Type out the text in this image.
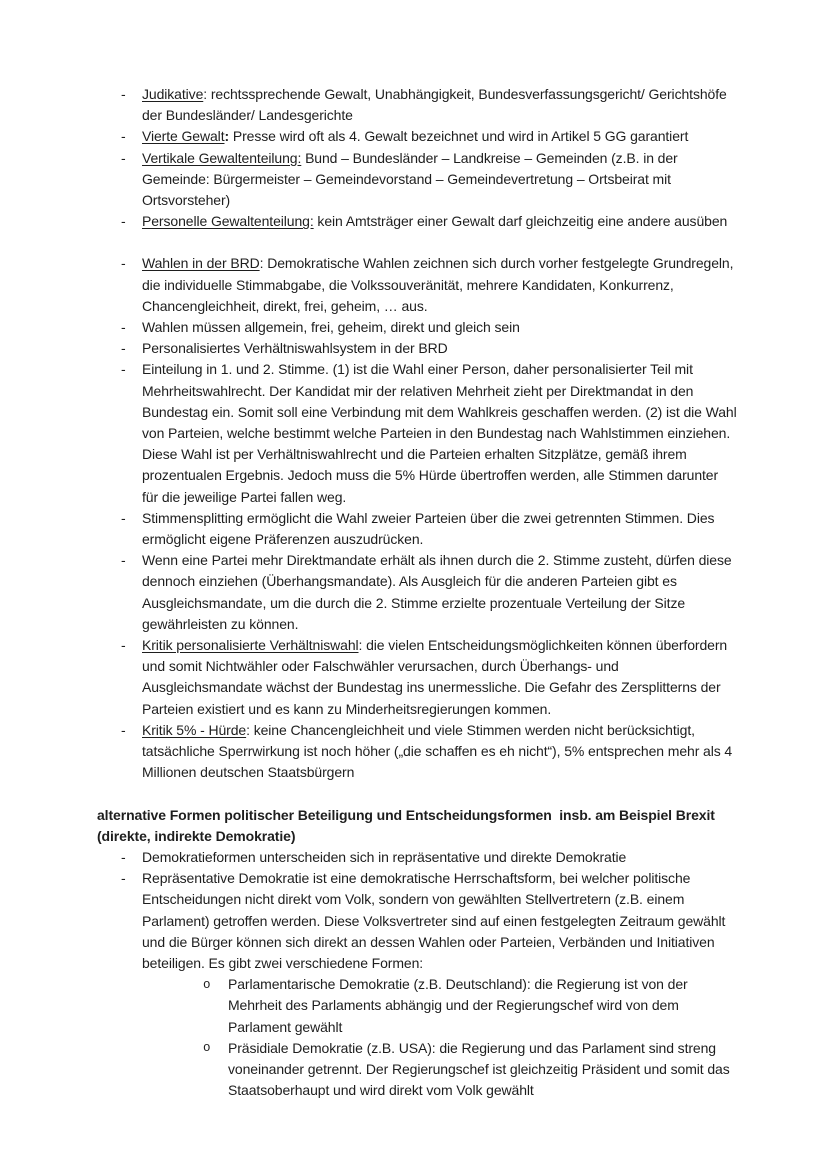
- Judikative: rechtssprechende Gewalt, Unabhängigkeit, Bundesverfassungsgericht/ Gerichtshöfe der Bundesländer/ Landesgerichte
- Vierte Gewalt: Presse wird oft als 4. Gewalt bezeichnet und wird in Artikel 5 GG garantiert
- Vertikale Gewaltenteilung: Bund – Bundesländer – Landkreise – Gemeinden (z.B. in der Gemeinde: Bürgermeister – Gemeindevorstand – Gemeindevertretung – Ortsbeirat mit Ortsvorsteher)
- Personelle Gewaltenteilung: kein Amtsträger einer Gewalt darf gleichzeitig eine andere ausüben
- Wahlen in der BRD: Demokratische Wahlen zeichnen sich durch vorher festgelegte Grundregeln, die individuelle Stimmabgabe, die Volkssouveränität, mehrere Kandidaten, Konkurrenz, Chancengleichheit, direkt, frei, geheim, … aus.
- Wahlen müssen allgemein, frei, geheim, direkt und gleich sein
- Personalisiertes Verhältniswahlsystem in der BRD
- Einteilung in 1. und 2. Stimme. (1) ist die Wahl einer Person, daher personalisierter Teil mit Mehrheitswahlrecht. Der Kandidat mir der relativen Mehrheit zieht per Direktmandat in den Bundestag ein. Somit soll eine Verbindung mit dem Wahlkreis geschaffen werden. (2) ist die Wahl von Parteien, welche bestimmt welche Parteien in den Bundestag nach Wahlstimmen einziehen. Diese Wahl ist per Verhältniswahlrecht und die Parteien erhalten Sitzplätze, gemäß ihrem prozentualen Ergebnis. Jedoch muss die 5% Hürde übertroffen werden, alle Stimmen darunter für die jeweilige Partei fallen weg.
- Stimmensplitting ermöglicht die Wahl zweier Parteien über die zwei getrennten Stimmen. Dies ermöglicht eigene Präferenzen auszudrücken.
- Wenn eine Partei mehr Direktmandate erhält als ihnen durch die 2. Stimme zusteht, dürfen diese dennoch einziehen (Überhangsmandate). Als Ausgleich für die anderen Parteien gibt es Ausgleichsmandate, um die durch die 2. Stimme erzielte prozentuale Verteilung der Sitze gewährleisten zu können.
- Kritik personalisierte Verhältniswahl: die vielen Entscheidungsmöglichkeiten können überfordern und somit Nichtwähler oder Falschwähler verursachen, durch Überhangs- und Ausgleichsmandate wächst der Bundestag ins unermessliche. Die Gefahr des Zersplitterns der Parteien existiert und es kann zu Minderheitsregierungen kommen.
- Kritik 5% - Hürde: keine Chancengleichheit und viele Stimmen werden nicht berücksichtigt, tatsächliche Sperrwirkung ist noch höher („die schaffen es eh nicht“), 5% entsprechen mehr als 4 Millionen deutschen Staatsbürgern
alternative Formen politischer Beteiligung und Entscheidungsformen  insb. am Beispiel Brexit
(direkte, indirekte Demokratie)
- Demokratieformen unterscheiden sich in repräsentative und direkte Demokratie
- Repräsentative Demokratie ist eine demokratische Herrschaftsform, bei welcher politische Entscheidungen nicht direkt vom Volk, sondern von gewählten Stellvertretern (z.B. einem Parlament) getroffen werden. Diese Volksvertreter sind auf einen festgelegten Zeitraum gewählt und die Bürger können sich direkt an dessen Wahlen oder Parteien, Verbänden und Initiativen beteiligen. Es gibt zwei verschiedene Formen:
o Parlamentarische Demokratie (z.B. Deutschland): die Regierung ist von der Mehrheit des Parlaments abhängig und der Regierungschef wird von dem Parlament gewählt
o Präsidiale Demokratie (z.B. USA): die Regierung und das Parlament sind streng voneinander getrennt. Der Regierungschef ist gleichzeitig Präsident und somit das Staatsoberhaupt und wird direkt vom Volk gewählt
